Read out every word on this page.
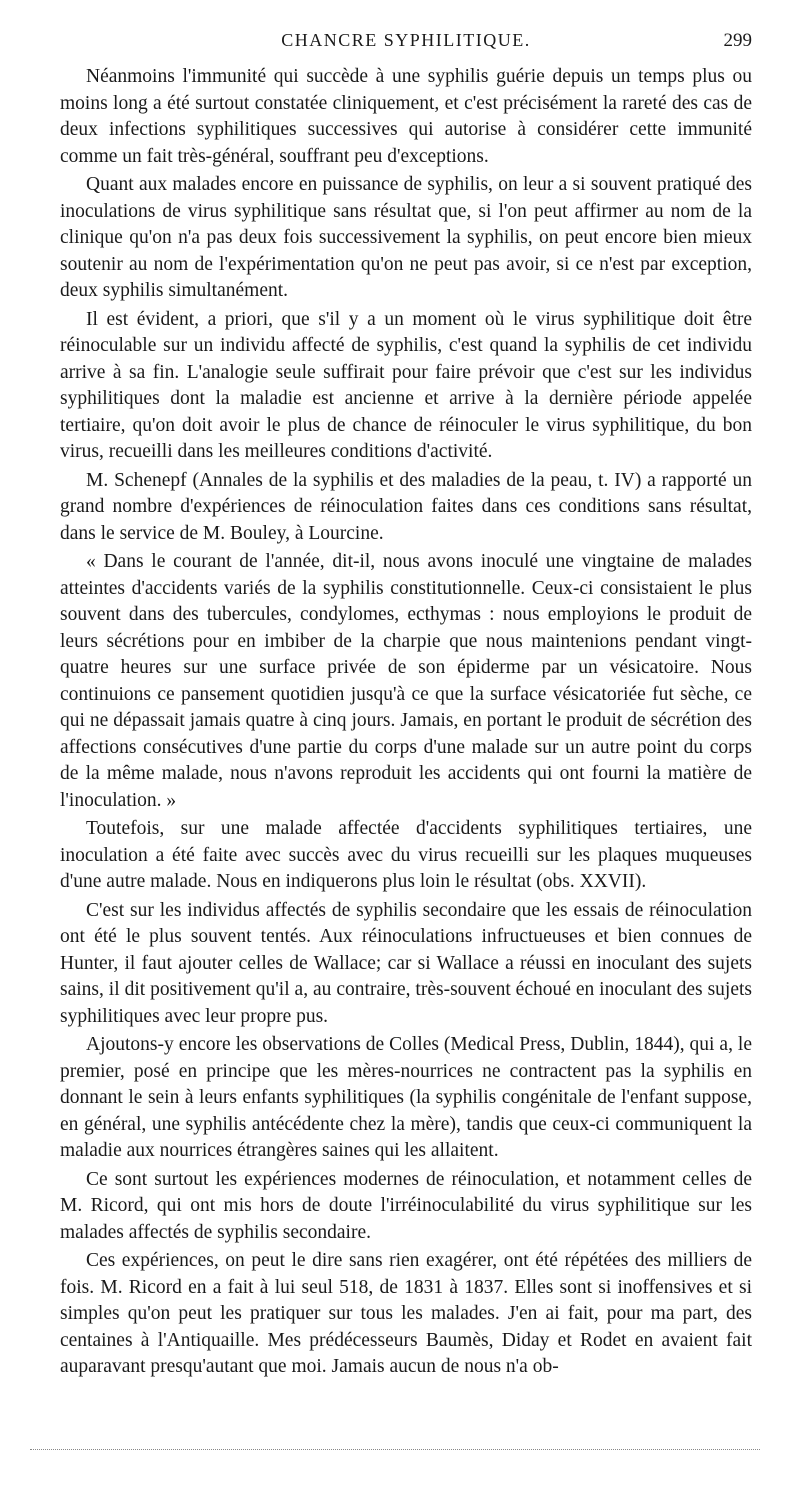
CHANCRE SYPHILITIQUE.	299

Néanmoins l'immunité qui succède à une syphilis guérie depuis un temps plus ou moins long a été surtout constatée cliniquement, et c'est précisément la rareté des cas de deux infections syphilitiques successives qui autorise à considérer cette immunité comme un fait très-général, souffrant peu d'exceptions.

Quant aux malades encore en puissance de syphilis, on leur a si souvent pratiqué des inoculations de virus syphilitique sans résultat que, si l'on peut affirmer au nom de la clinique qu'on n'a pas deux fois successivement la syphilis, on peut encore bien mieux soutenir au nom de l'expérimentation qu'on ne peut pas avoir, si ce n'est par exception, deux syphilis simultanément.

Il est évident, a priori, que s'il y a un moment où le virus syphilitique doit être réinoculable sur un individu affecté de syphilis, c'est quand la syphilis de cet individu arrive à sa fin. L'analogie seule suffirait pour faire prévoir que c'est sur les individus syphilitiques dont la maladie est ancienne et arrive à la dernière période appelée tertiaire, qu'on doit avoir le plus de chance de réinoculer le virus syphilitique, du bon virus, recueilli dans les meilleures conditions d'activité.

M. Schenepf (Annales de la syphilis et des maladies de la peau, t. IV) a rapporté un grand nombre d'expériences de réinoculation faites dans ces conditions sans résultat, dans le service de M. Bouley, à Lourcine.

« Dans le courant de l'année, dit-il, nous avons inoculé une vingtaine de malades atteintes d'accidents variés de la syphilis constitutionnelle. Ceux-ci consistaient le plus souvent dans des tubercules, condylomes, ecthymas : nous employions le produit de leurs sécrétions pour en imbiber de la charpie que nous maintenions pendant vingt-quatre heures sur une surface privée de son épiderme par un vésicatoire. Nous continuions ce pansement quotidien jusqu'à ce que la surface vésicatoriée fut sèche, ce qui ne dépassait jamais quatre à cinq jours. Jamais, en portant le produit de sécrétion des affections consécutives d'une partie du corps d'une malade sur un autre point du corps de la même malade, nous n'avons reproduit les accidents qui ont fourni la matière de l'inoculation. »

Toutefois, sur une malade affectée d'accidents syphilitiques tertiaires, une inoculation a été faite avec succès avec du virus recueilli sur les plaques muqueuses d'une autre malade. Nous en indiquerons plus loin le résultat (obs. XXVII).

C'est sur les individus affectés de syphilis secondaire que les essais de réinoculation ont été le plus souvent tentés. Aux réinoculations infructueuses et bien connues de Hunter, il faut ajouter celles de Wallace; car si Wallace a réussi en inoculant des sujets sains, il dit positivement qu'il a, au contraire, très-souvent échoué en inoculant des sujets syphilitiques avec leur propre pus.

Ajoutons-y encore les observations de Colles (Medical Press, Dublin, 1844), qui a, le premier, posé en principe que les mères-nourrices ne contractent pas la syphilis en donnant le sein à leurs enfants syphilitiques (la syphilis congénitale de l'enfant suppose, en général, une syphilis antécédente chez la mère), tandis que ceux-ci communiquent la maladie aux nourrices étrangères saines qui les allaitent.

Ce sont surtout les expériences modernes de réinoculation, et notamment celles de M. Ricord, qui ont mis hors de doute l'irréinoculabilité du virus syphilitique sur les malades affectés de syphilis secondaire.

Ces expériences, on peut le dire sans rien exagérer, ont été répétées des milliers de fois. M. Ricord en a fait à lui seul 518, de 1831 à 1837. Elles sont si inoffensives et si simples qu'on peut les pratiquer sur tous les malades. J'en ai fait, pour ma part, des centaines à l'Antiquaille. Mes prédécesseurs Baumès, Diday et Rodet en avaient fait auparavant presqu'autant que moi. Jamais aucun de nous n'a ob-
